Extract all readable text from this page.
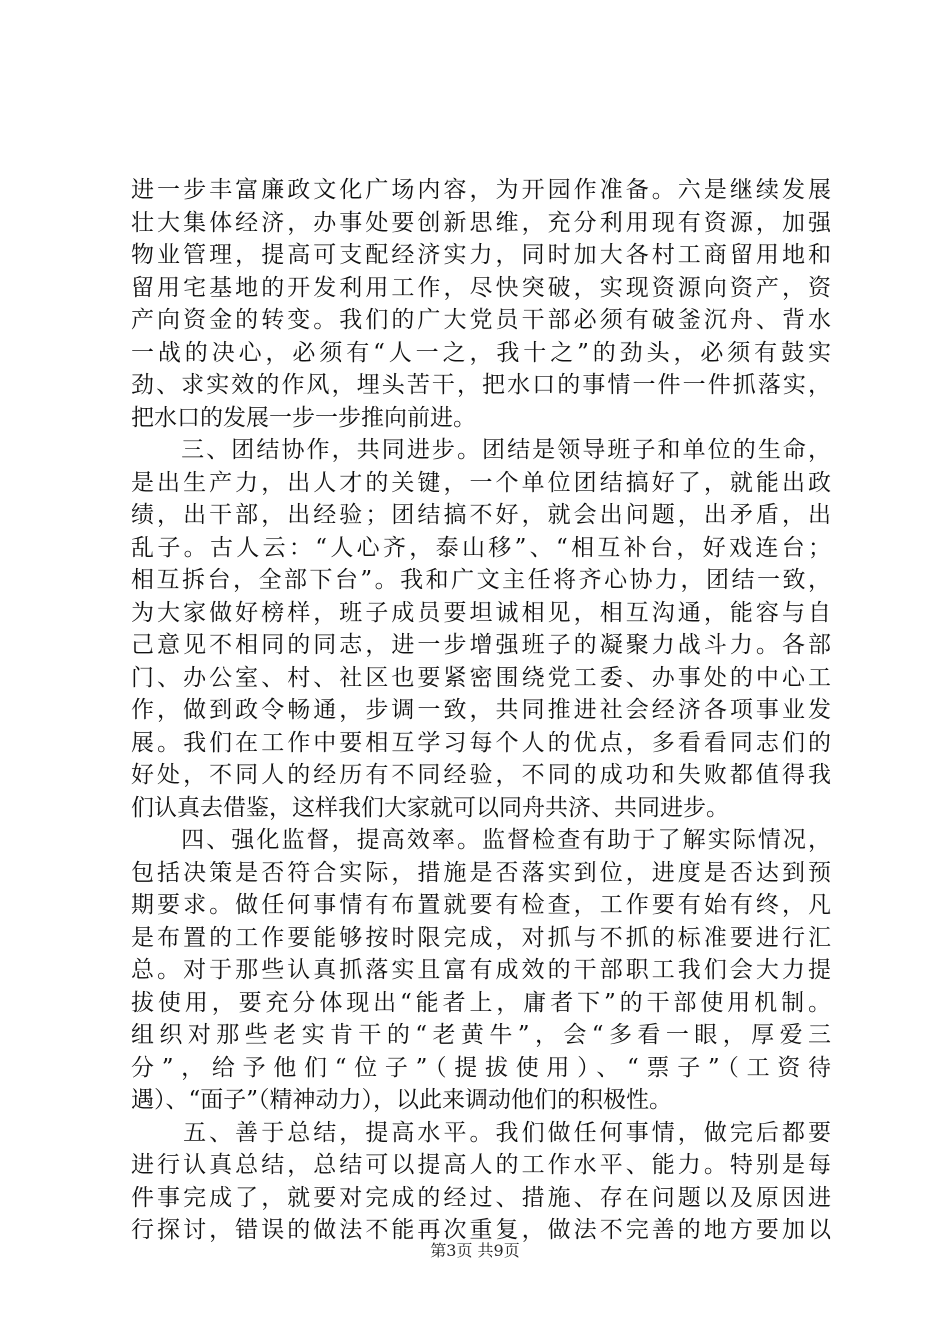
进一步丰富廉政文化广场内容，为开园作准备。六是继续发展
壮大集体经济，办事处要创新思维，充分利用现有资源，加强
物业管理，提高可支配经济实力，同时加大各村工商留用地和
留用宅基地的开发利用工作，尽快突破，实现资源向资产，资
产向资金的转变。我们的广大党员干部必须有破釜沉舟、背水
一战的决心，必须有“人一之，我十之”的劲头，必须有鼓实
劲、求实效的作风，埋头苦干，把水口的事情一件一件抓落实，
把水口的发展一步一步推向前进。
　　三、团结协作，共同进步。团结是领导班子和单位的生命，
是出生产力，出人才的关键，一个单位团结搞好了，就能出政
绩，出干部，出经验；团结搞不好，就会出问题，出矛盾，出
乱子。古人云：“人心齐，泰山移”、“相互补台，好戏连台；
相互拆台，全部下台”。我和广文主任将齐心协力，团结一致，
为大家做好榜样，班子成员要坦诚相见，相互沟通，能容与自
己意见不相同的同志，进一步增强班子的凝聚力战斗力。各部
门、办公室、村、社区也要紧密围绕党工委、办事处的中心工
作，做到政令畅通，步调一致，共同推进社会经济各项事业发
展。我们在工作中要相互学习每个人的优点，多看看同志们的
好处，不同人的经历有不同经验，不同的成功和失败都值得我
们认真去借鉴，这样我们大家就可以同舟共济、共同进步。
　　四、强化监督，提高效率。监督检查有助于了解实际情况，
包括决策是否符合实际，措施是否落实到位，进度是否达到预
期要求。做任何事情有布置就要有检查，工作要有始有终，凡
是布置的工作要能够按时限完成，对抓与不抓的标准要进行汇
总。对于那些认真抓落实且富有成效的干部职工我们会大力提
拔使用，要充分体现出“能者上，庸者下”的干部使用机制。
组织对那些老实肯干的“老黄牛”，会“多看一眼，厚爱三
分”，给予他们“位子”（提拔使用）、“票子”（工资待
遇）、“面子”（精神动力），以此来调动他们的积极性。
　　五、善于总结，提高水平。我们做任何事情，做完后都要
进行认真总结，总结可以提高人的工作水平、能力。特别是每
件事完成了，就要对完成的经过、措施、存在问题以及原因进
行探讨，错误的做法不能再次重复，做法不完善的地方要加以
第3页 共9页
